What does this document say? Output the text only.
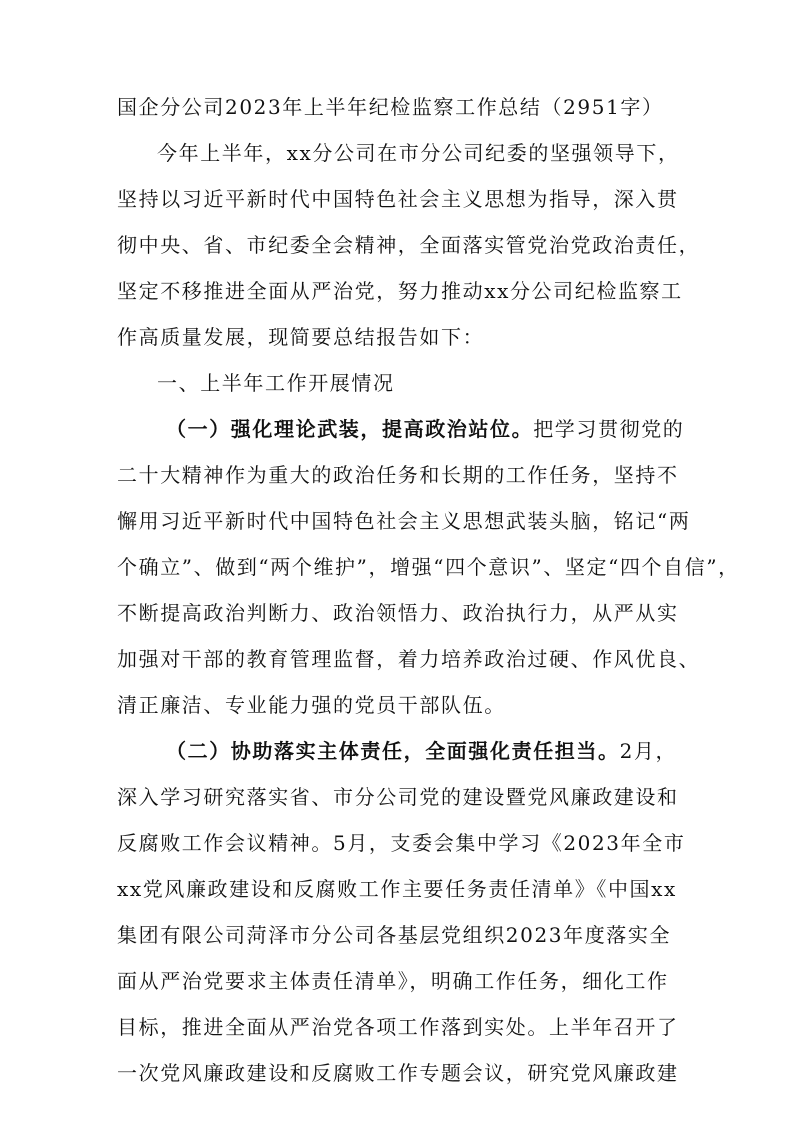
国企分公司2023年上半年纪检监察工作总结（2951字）
今年上半年，xx分公司在市分公司纪委的坚强领导下，
坚持以习近平新时代中国特色社会主义思想为指导，深入贯
彻中央、省、市纪委全会精神，全面落实管党治党政治责任，
坚定不移推进全面从严治党，努力推动xx分公司纪检监察工
作高质量发展，现简要总结报告如下：
一、上半年工作开展情况
（一）强化理论武装，提高政治站位。把学习贯彻党的
二十大精神作为重大的政治任务和长期的工作任务，坚持不
懈用习近平新时代中国特色社会主义思想武装头脑，铭记“两
个确立”、做到“两个维护”，增强“四个意识”、坚定“四个自信”，
不断提高政治判断力、政治领悟力、政治执行力，从严从实
加强对干部的教育管理监督，着力培养政治过硬、作风优良、
清正廉洁、专业能力强的党员干部队伍。
（二）协助落实主体责任，全面强化责任担当。2月，
深入学习研究落实省、市分公司党的建设暨党风廉政建设和
反腐败工作会议精神。5月，支委会集中学习《2023年全市
xx党风廉政建设和反腐败工作主要任务责任清单》《中国xx
集团有限公司菏泽市分公司各基层党组织2023年度落实全
面从严治党要求主体责任清单》，明确工作任务，细化工作
目标，推进全面从严治党各项工作落到实处。上半年召开了
一次党风廉政建设和反腐败工作专题会议，研究党风廉政建
